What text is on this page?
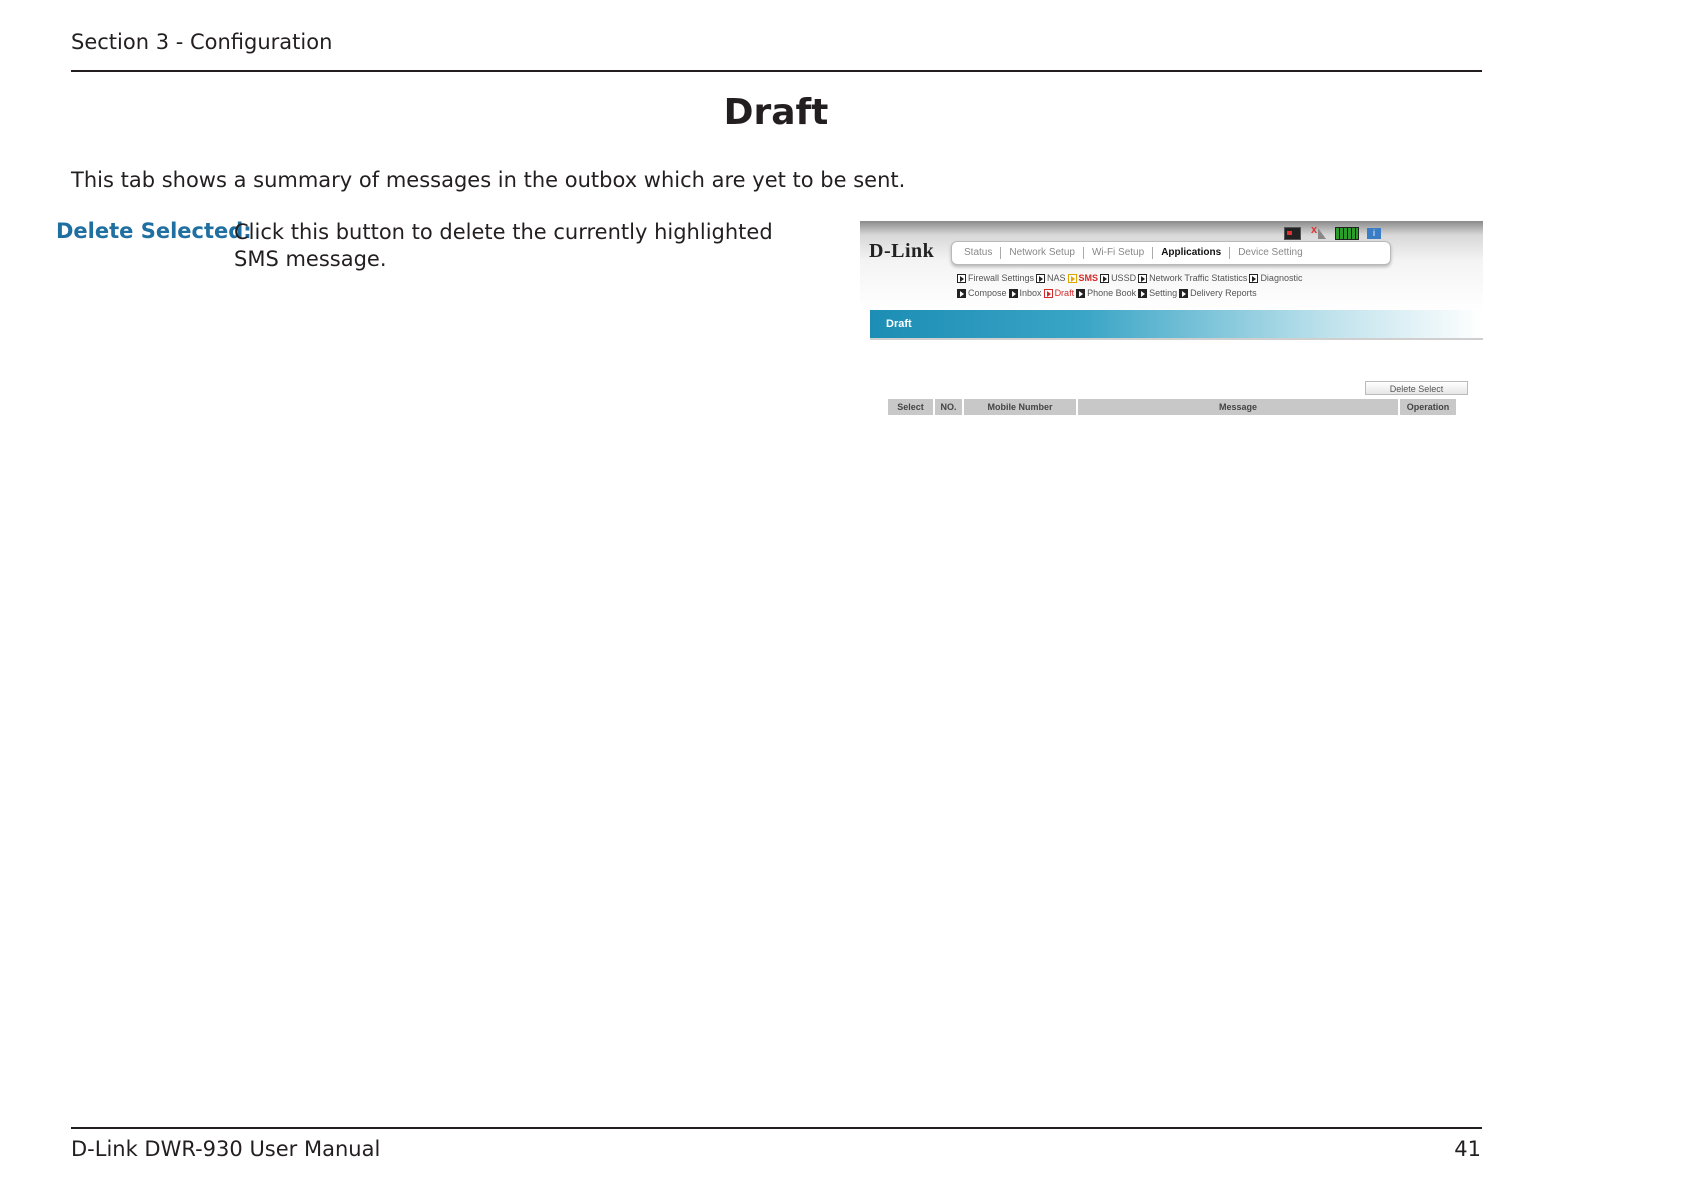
Section 3 - Configuration
Draft
This tab shows a summary of messages in the outbox which are yet to be sent.
Delete Selected:
Click this button to delete the currently highlighted SMS message.	D-Link
x
i
Status	Network Setup	Wi-Fi Setup	Applications	Device Setting
Firewall Settings NAS SMS USSD Network Traffic Statistics Diagnostic
Compose Inbox Draft Phone Book Setting Delivery Reports
Draft
Delete Select
Select	NO.	Mobile Number	Message	Operation
D-Link DWR-930 User Manual	41
